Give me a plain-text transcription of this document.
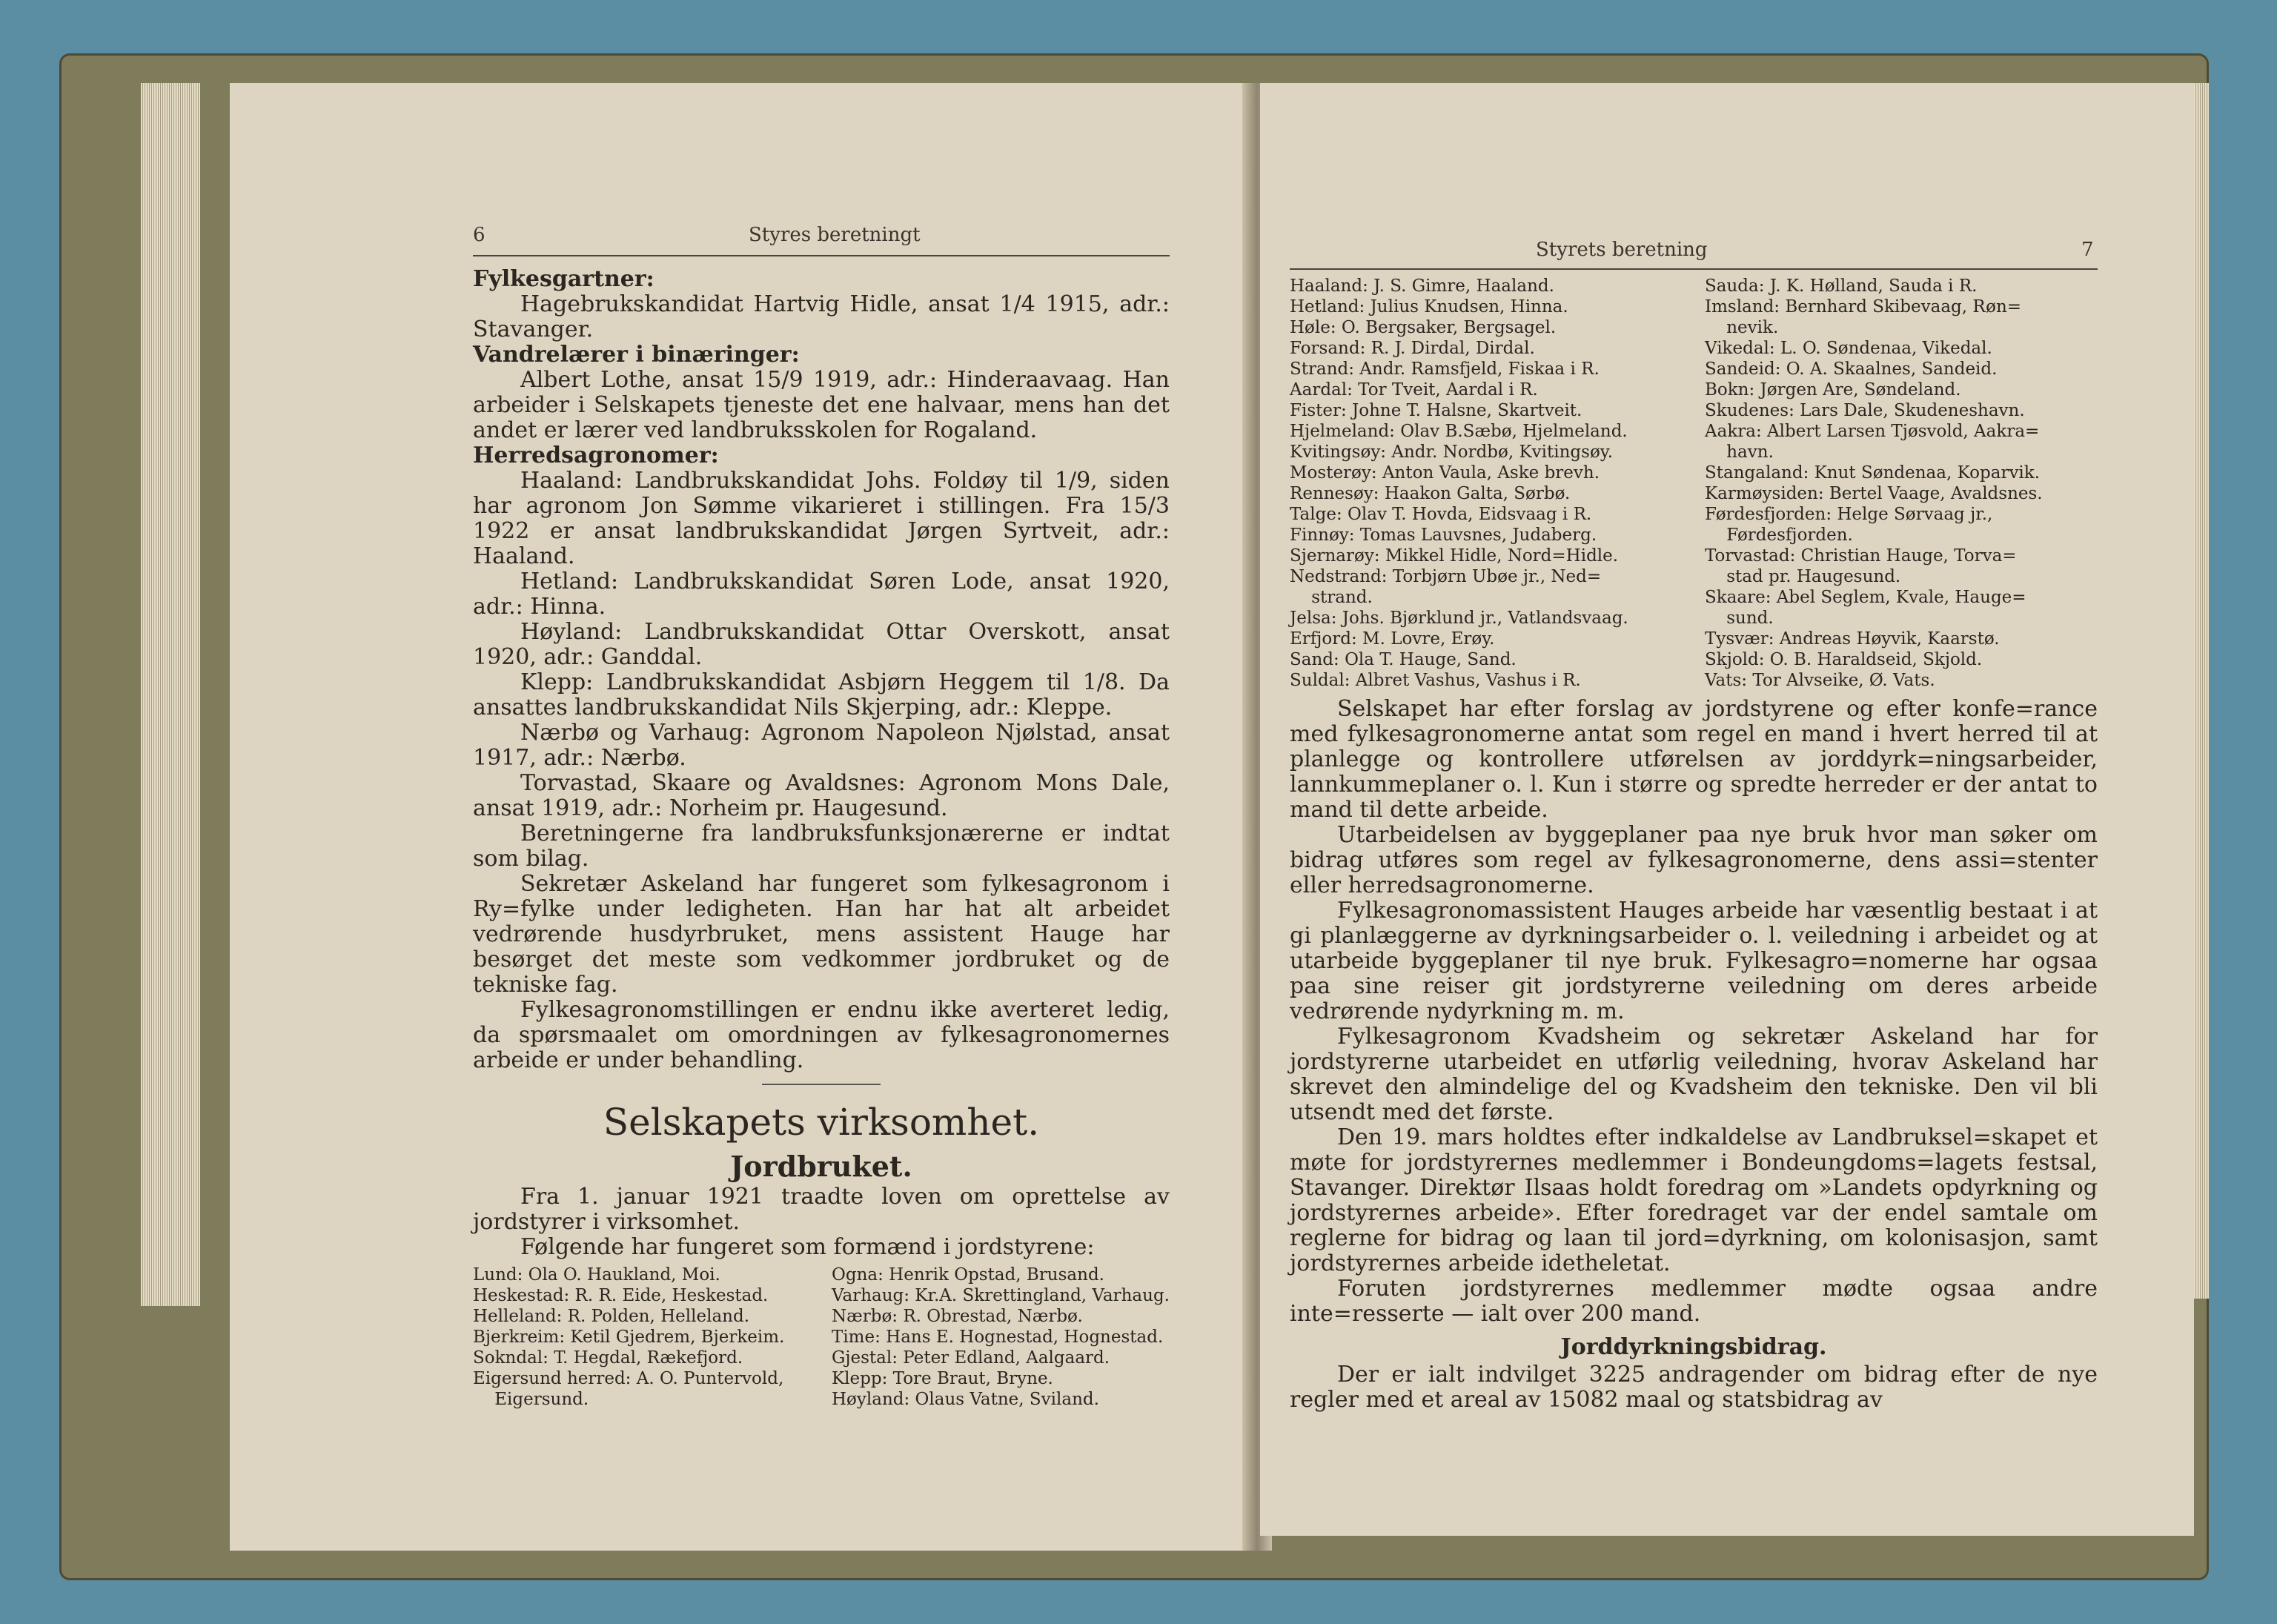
6	Styres beretningt

Fylkesgartner:

Hagebrukskandidat Hartvig Hidle, ansat 1/4 1915, adr.: Stavanger.

Vandrelærer i binæringer:

Albert Lothe, ansat 15/9 1919, adr.: Hinderaavaag. Han arbeider i Selskapets tjeneste det ene halvaar, mens han det andet er lærer ved landbruksskolen for Rogaland.

Herredsagronomer:

Haaland: Landbrukskandidat Johs. Foldøy til 1/9, siden har agronom Jon Sømme vikarieret i stillingen. Fra 15/3 1922 er ansat landbrukskandidat Jørgen Syrtveit, adr.: Haaland.

Hetland: Landbrukskandidat Søren Lode, ansat 1920, adr.: Hinna.

Høyland: Landbrukskandidat Ottar Overskott, ansat 1920, adr.: Ganddal.

Klepp: Landbrukskandidat Asbjørn Heggem til 1/8. Da ansattes landbrukskandidat Nils Skjerping, adr.: Kleppe.

Nærbø og Varhaug: Agronom Napoleon Njølstad, ansat 1917, adr.: Nærbø.

Torvastad, Skaare og Avaldsnes: Agronom Mons Dale, ansat 1919, adr.: Norheim pr. Haugesund.

Beretningerne fra landbruksfunksjonærerne er indtat som bilag.

Sekretær Askeland har fungeret som fylkesagronom i Ry=fylke under ledigheten. Han har hat alt arbeidet vedrørende husdyrbruket, mens assistent Hauge har besørget det meste som vedkommer jordbruket og de tekniske fag.

Fylkesagronomstillingen er endnu ikke averteret ledig, da spørsmaalet om omordningen av fylkesagronomernes arbeide er under behandling.

Selskapets virksomhet.
Jordbruket.

Fra 1. januar 1921 traadte loven om oprettelse av jordstyrer i virksomhet.

Følgende har fungeret som formænd i jordstyrene:

Lund: Ola O. Haukland, Moi.
Heskestad: R. R. Eide, Heskestad.
Helleland: R. Polden, Helleland.
Bjerkreim: Ketil Gjedrem, Bjerkeim.
Sokndal: T. Hegdal, Rækefjord.
Eigersund herred: A. O. Puntervold,
Eigersund.
Ogna: Henrik Opstad, Brusand.
Varhaug: Kr.A. Skrettingland, Varhaug.
Nærbø: R. Obrestad, Nærbø.
Time: Hans E. Hognestad, Hognestad.
Gjestal: Peter Edland, Aalgaard.
Klepp: Tore Braut, Bryne.
Høyland: Olaus Vatne, Sviland.
Styrets beretning	7
Haaland: J. S. Gimre, Haaland.
Hetland: Julius Knudsen, Hinna.
Høle: O. Bergsaker, Bergsagel.
Forsand: R. J. Dirdal, Dirdal.
Strand: Andr. Ramsfjeld, Fiskaa i R.
Aardal: Tor Tveit, Aardal i R.
Fister: Johne T. Halsne, Skartveit.
Hjelmeland: Olav B.Sæbø, Hjelmeland.
Kvitingsøy: Andr. Nordbø, Kvitingsøy.
Mosterøy: Anton Vaula, Aske brevh.
Rennesøy: Haakon Galta, Sørbø.
Talge: Olav T. Hovda, Eidsvaag i R.
Finnøy: Tomas Lauvsnes, Judaberg.
Sjernarøy: Mikkel Hidle, Nord=Hidle.
Nedstrand: Torbjørn Ubøe jr., Ned=
strand.
Jelsa: Johs. Bjørklund jr., Vatlandsvaag.
Erfjord: M. Lovre, Erøy.
Sand: Ola T. Hauge, Sand.
Suldal: Albret Vashus, Vashus i R.
Sauda: J. K. Hølland, Sauda i R.
Imsland: Bernhard Skibevaag, Røn=
nevik.
Vikedal: L. O. Søndenaa, Vikedal.
Sandeid: O. A. Skaalnes, Sandeid.
Bokn: Jørgen Are, Søndeland.
Skudenes: Lars Dale, Skudeneshavn.
Aakra: Albert Larsen Tjøsvold, Aakra=
havn.
Stangaland: Knut Søndenaa, Koparvik.
Karmøysiden: Bertel Vaage, Avaldsnes.
Førdesfjorden: Helge Sørvaag jr.,
Førdesfjorden.
Torvastad: Christian Hauge, Torva=
stad pr. Haugesund.
Skaare: Abel Seglem, Kvale, Hauge=
sund.
Tysvær: Andreas Høyvik, Kaarstø.
Skjold: O. B. Haraldseid, Skjold.
Vats: Tor Alvseike, Ø. Vats.

Selskapet har efter forslag av jordstyrene og efter konfe=rance med fylkesagronomerne antat som regel en mand i hvert herred til at planlegge og kontrollere utførelsen av jorddyrk=ningsarbeider, lannkummeplaner o. l. Kun i større og spredte herreder er der antat to mand til dette arbeide.

Utarbeidelsen av byggeplaner paa nye bruk hvor man søker om bidrag utføres som regel av fylkesagronomerne, dens assi=stenter eller herredsagronomerne.

Fylkesagronomassistent Hauges arbeide har væsentlig bestaat i at gi planlæggerne av dyrkningsarbeider o. l. veiledning i arbeidet og at utarbeide byggeplaner til nye bruk. Fylkesagro=nomerne har ogsaa paa sine reiser git jordstyrerne veiledning om deres arbeide vedrørende nydyrkning m. m.

Fylkesagronom Kvadsheim og sekretær Askeland har for jordstyrerne utarbeidet en utførlig veiledning, hvorav Askeland har skrevet den almindelige del og Kvadsheim den tekniske. Den vil bli utsendt med det første.

Den 19. mars holdtes efter indkaldelse av Landbruksel=skapet et møte for jordstyrernes medlemmer i Bondeungdoms=lagets festsal, Stavanger. Direktør Ilsaas holdt foredrag om »Landets opdyrkning og jordstyrernes arbeide». Efter foredraget var der endel samtale om reglerne for bidrag og laan til jord=dyrkning, om kolonisasjon, samt jordstyrernes arbeide idetheletat.

Foruten jordstyrernes medlemmer mødte ogsaa andre inte=resserte — ialt over 200 mand.

Jorddyrkningsbidrag.

Der er ialt indvilget 3225 andragender om bidrag efter de nye regler med et areal av 15082 maal og statsbidrag av
